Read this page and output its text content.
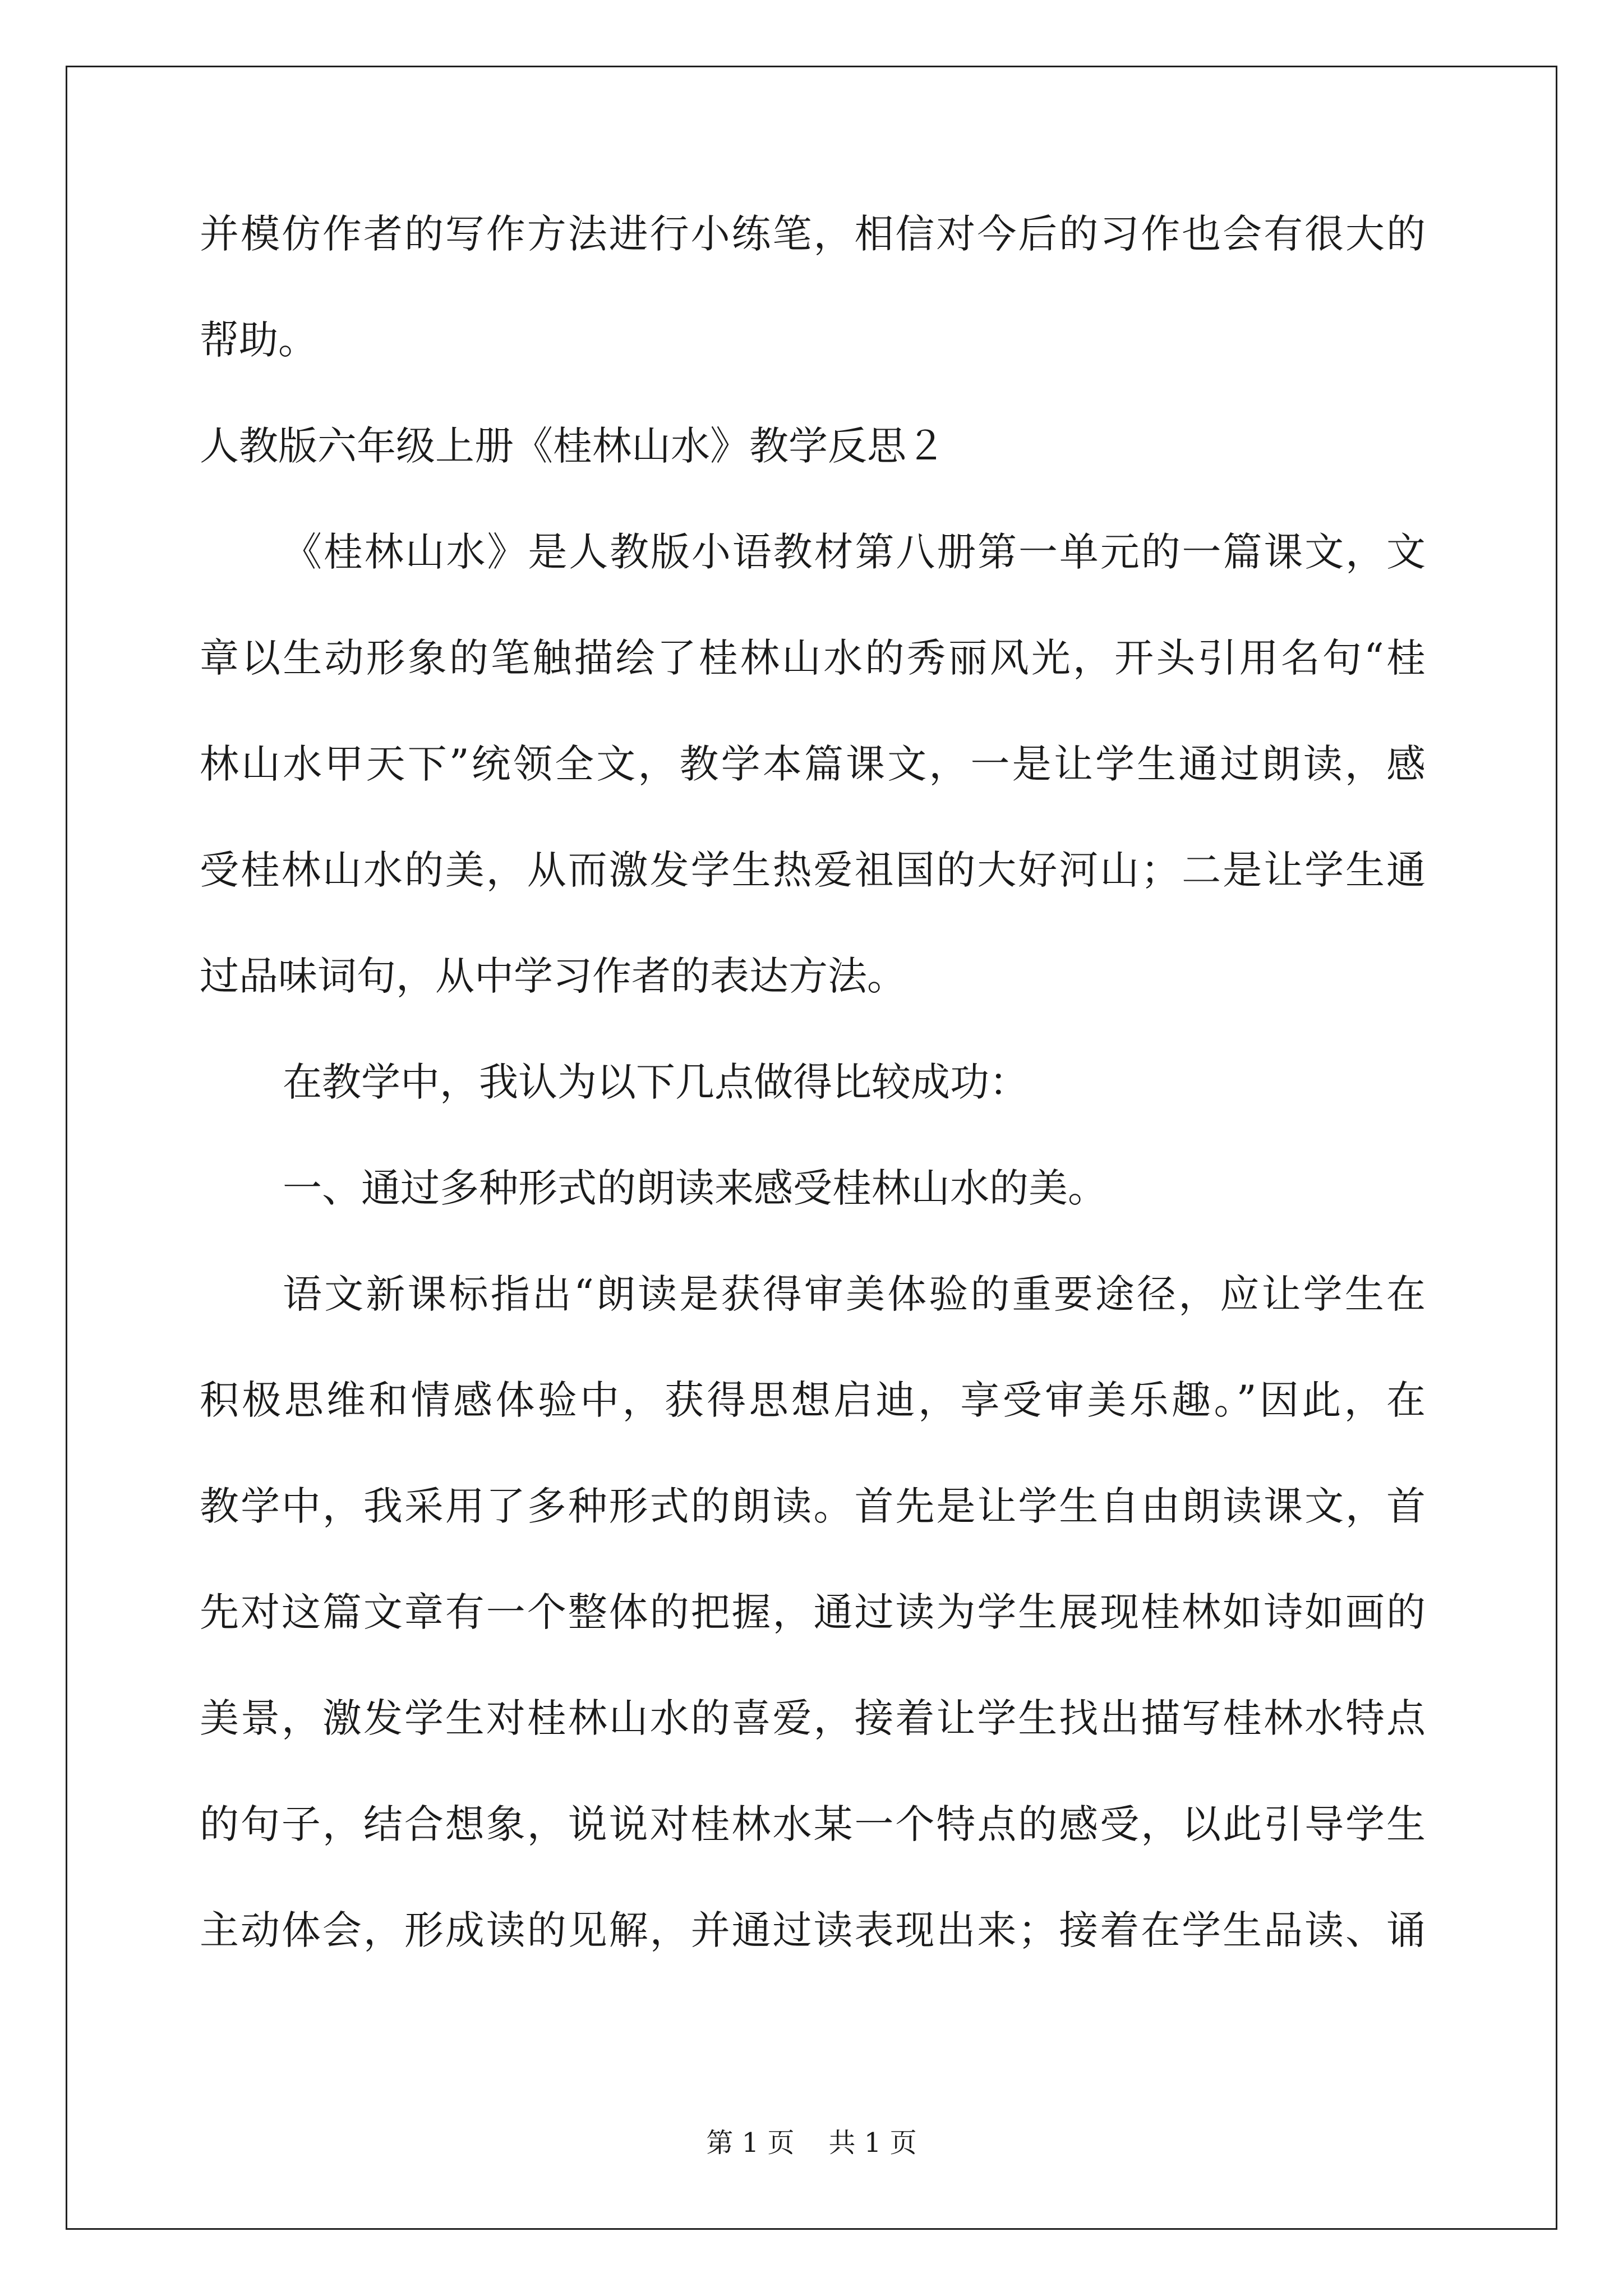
并模仿作者的写作方法进行小练笔，相信对今后的习作也会有很大的
帮助。
人教版六年级上册《桂林山水》教学反思２
《桂林山水》是人教版小语教材第八册第一单元的一篇课文，文
章以生动形象的笔触描绘了桂林山水的秀丽风光，开头引用名句“桂
林山水甲天下”统领全文，教学本篇课文，一是让学生通过朗读，感
受桂林山水的美，从而激发学生热爱祖国的大好河山；二是让学生通
过品味词句，从中学习作者的表达方法。
在教学中，我认为以下几点做得比较成功：
一、通过多种形式的朗读来感受桂林山水的美。
语文新课标指出“朗读是获得审美体验的重要途径，应让学生在
积极思维和情感体验中，获得思想启迪，享受审美乐趣。”因此，在
教学中，我采用了多种形式的朗读。首先是让学生自由朗读课文，首
先对这篇文章有一个整体的把握，通过读为学生展现桂林如诗如画的
美景，激发学生对桂林山水的喜爱，接着让学生找出描写桂林水特点
的句子，结合想象，说说对桂林水某一个特点的感受，以此引导学生
主动体会，形成读的见解，并通过读表现出来；接着在学生品读、诵
第 1 页    共 1 页
